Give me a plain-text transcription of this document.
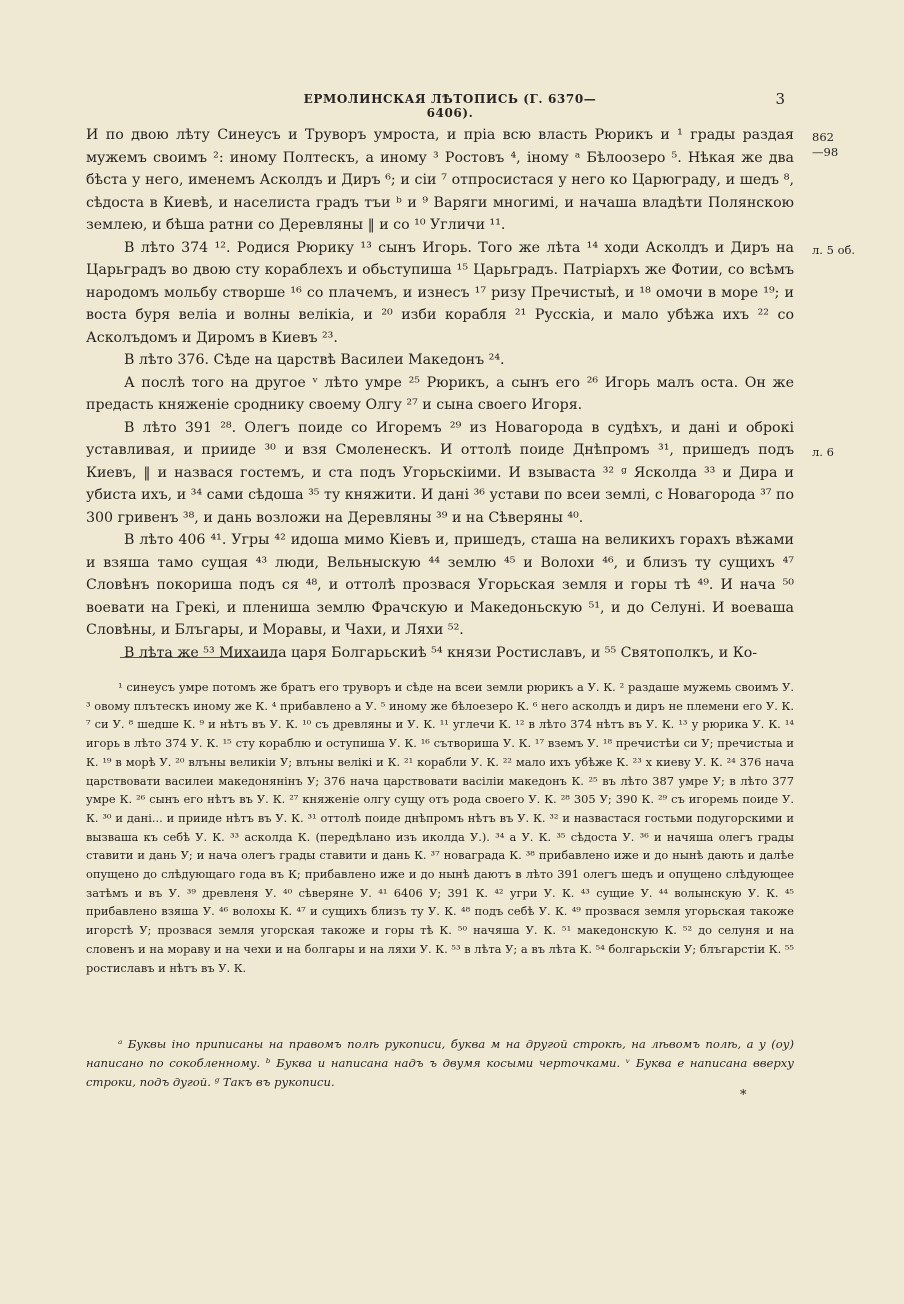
ЕРМОЛИНСКАЯ ЛѢТОПИСЬ (Г. 6370—6406).
3
862
—98
л. 5 об.
л. 6

И по двою лѣту Синеусъ и Труворъ умроста, и пріа всю власть Рюрикъ и ¹ грады раздая мужемъ своимъ ²: иному Полтескъ, а иному ³ Ростовъ ⁴, іному ᵃ Бѣлоозеро ⁵. Нѣкая же два бѣста у него, именемъ Асколдъ и Диръ ⁶; и сіи ⁷ отпросистася у него ко Царюграду, и шедъ ⁸, сѣдоста в Киевѣ, и населиста градъ тъи ᵇ и ⁹ Варяги многимі, и начаша владѣти Полянскою землею, и бѣша ратни со Деревляны ‖ и со ¹⁰ Угличи ¹¹.

В лѣто 374 ¹². Родися Рюрику ¹³ сынъ Игорь. Того же лѣта ¹⁴ ходи Асколдъ и Диръ на Царьградъ во двою сту кораблехъ и обьступиша ¹⁵ Царьградъ. Патріархъ же Фотии, со всѣмъ народомъ мольбу створше ¹⁶ со плачемъ, и изнесъ ¹⁷ ризу Пречистыѣ, и ¹⁸ омочи в море ¹⁹; и воста буря веліа и волны велікіа, и ²⁰ изби корабля ²¹ Русскіа, и мало убѣжа ихъ ²² со Асколъдомъ и Диромъ в Киевъ ²³.

В лѣто 376. Сѣде на царствѣ Василеи Македонъ ²⁴.

А послѣ того на другоe ᵛ лѣто умре ²⁵ Рюрикъ, а сынъ его ²⁶ Игорь малъ оста. Он же предасть княженіе сроднику своему Олгу ²⁷ и сына своего Игоря.

В лѣто 391 ²⁸. Олегъ поиде со Игоремъ ²⁹ из Новагорода в судѣхъ, и дані и оброкі уставливая, и прииде ³⁰ и взя Смоленескъ. И оттолѣ поиде Днѣпромъ ³¹, пришедъ подъ Киевъ, ‖ и назвася гостемъ, и ста подъ Угорьскiими. И взываста ³² ᵍ Яcколда ³³ и Дира и убиста ихъ, и ³⁴ сами сѣдоша ³⁵ ту княжити. И дані ³⁶ устави по всеи землі, с Новагорода ³⁷ по 300 гривенъ ³⁸, и дань возложи на Деревляны ³⁹ и на Сѣверяны ⁴⁰.

В лѣто 406 ⁴¹. Угры ⁴² идоша мимо Кіевъ и, пришедъ, сташа на великихъ горахъ вѣжами и взяша тамо сущая ⁴³ люди, Вельныскую ⁴⁴ землю ⁴⁵ и Волохи ⁴⁶, и близъ ту сущихъ ⁴⁷ Словѣнъ покориша подъ ся ⁴⁸, и оттолѣ прозвася Угорьская земля и горы тѣ ⁴⁹. И нача ⁵⁰ воевати на Грекі, и плениша землю Фрачскую и Македоньскую ⁵¹, и до Селуні. И воеваша Словѣны, и Блъгары, и Моравы, и Чахи, и Ляхи ⁵².

В лѣта же ⁵³ Михаила царя Болгарьскиѣ ⁵⁴ князи Ростиславъ, и ⁵⁵ Святополкъ, и Ко-

¹ синеусъ умре потомъ же братъ его труворъ и сѣде на всеи земли рюрикъ а У. К. ² раздаше мужемь своимъ У. ³ овому плътескъ иному же К. ⁴ прибавлено а У. ⁵ иному же бѣлоезеро К. ⁶ него асколдъ и диръ не племени его У. К. ⁷ си У. ⁸ шедше К. ⁹ и нѣтъ въ У. К. ¹⁰ съ древляны и У. К. ¹¹ углечи К. ¹² в лѣто 374 нѣтъ въ У. К. ¹³ у рюрика У. К. ¹⁴ игорь в лѣто 374 У. К. ¹⁵ сту кораблю и оступиша У. К. ¹⁶ сътвориша У. К. ¹⁷ вземъ У. ¹⁸ пречистѣи си У; пречистыа и К. ¹⁹ в морѣ У. ²⁰ влъны великіи У; влъны велікі и К. ²¹ корабли У. К. ²² мало ихъ убѣже К. ²³ х киеву У. К. ²⁴ 376 нача царствовати василеи македонянінъ У; 376 нача царствовати васіліи македонъ К. ²⁵ въ лѣто 387 умре У; в лѣто 377 умре К. ²⁶ сынъ его нѣтъ въ У. К. ²⁷ княженіе олгу сущу отъ рода своего У. К. ²⁸ 305 У; 390 К. ²⁹ съ игоремь поиде У. К. ³⁰ и дані... и прииде нѣтъ въ У. К. ³¹ оттолѣ поиде днѣпромъ нѣтъ въ У. К. ³² и назвастася гостьми подугорскими и вызваша къ себѣ У. К. ³³ асколда К. (передѣлано изъ иколда У.). ³⁴ а У. К. ³⁵ сѣдоста У. ³⁶ и начяша олегъ грады ставити и дань У; и нача олегъ грады ставити и дань К. ³⁷ новаграда К. ³⁸ прибавлено иже и до нынѣ дають и далѣе опущено до слѣдующаго года въ К; прибавлено иже и до нынѣ даютъ в лѣто 391 олегъ шедъ и опущено слѣдующее затѣмъ и въ У. ³⁹ древленя У. ⁴⁰ сѣвеpяне У. ⁴¹ 6406 У; 391 К. ⁴² угри У. К. ⁴³ сущие У. ⁴⁴ волынскую У. К. ⁴⁵ прибавлено взяша У. ⁴⁶ волохы К. ⁴⁷ и сущихъ близъ ту У. К. ⁴⁸ подъ себѣ У. К. ⁴⁹ прозвася земля угорьская такоже игорстѣ У; прозвася земля угорская такоже и горы тѣ К. ⁵⁰ начяша У. К. ⁵¹ македонскую К. ⁵² до селуня и на словенъ и на мораву и на чехи и на болгары и на ляхи У. К. ⁵³ в лѣта У; а въ лѣта К. ⁵⁴ болгарьскiи У; блъгарстіи К. ⁵⁵ ростиславъ и нѣтъ въ У. К.

ᵃ Буквы іно приписаны на правомъ полѣ рукописи, буква м на другой строкѣ, на лѣвомъ полѣ, а у (оу) написано по сокобленному. ᵇ Буква и написана надъ ъ двумя косыми черточками. ᵛ Буква е написана вверху строки, подъ дугой. ᵍ Такъ въ рукописи.

*
